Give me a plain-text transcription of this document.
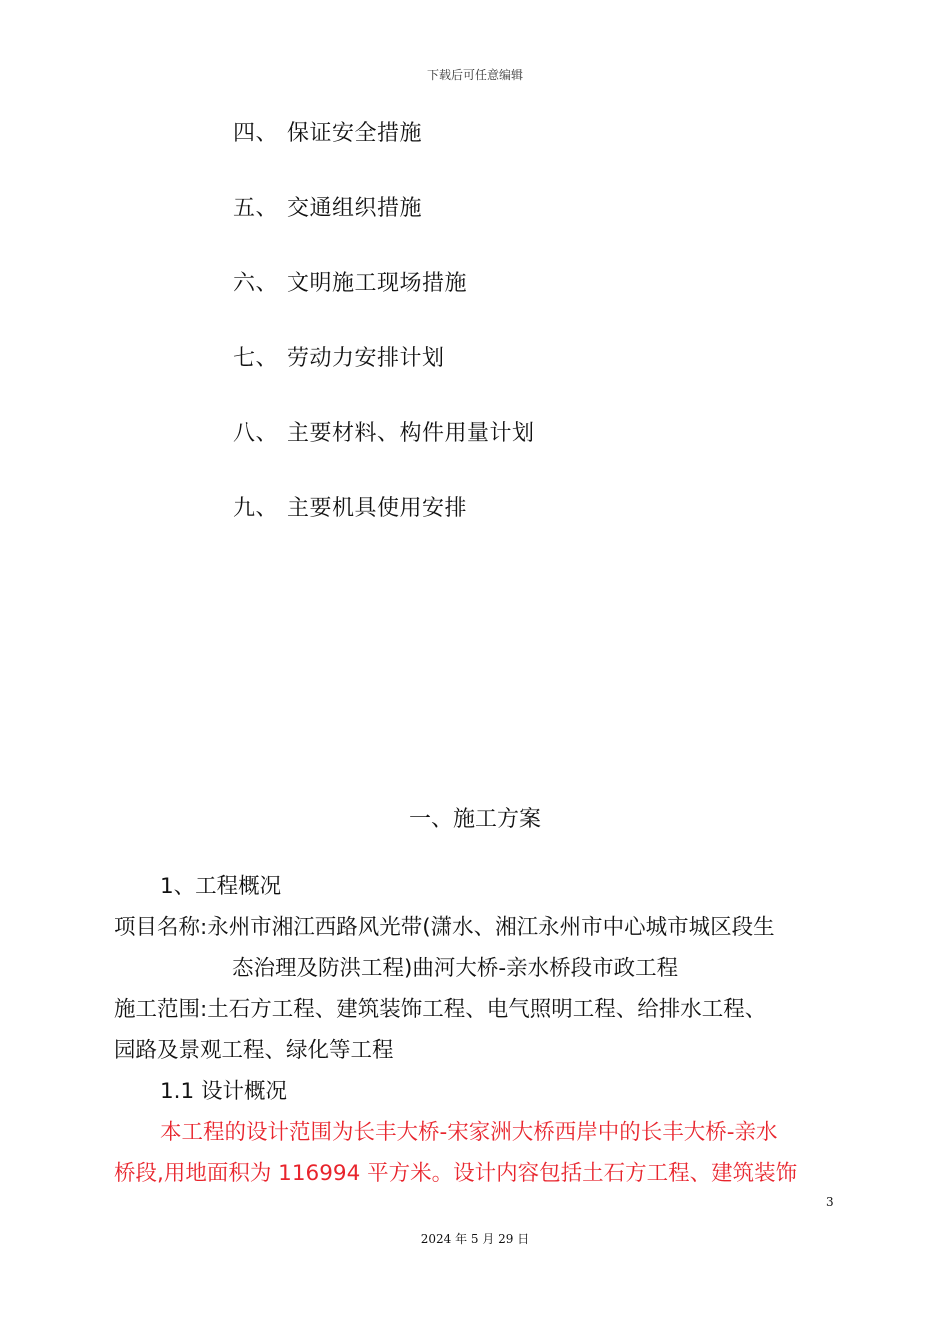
下载后可任意编辑
四、 保证安全措施
五、 交通组织措施
六、 文明施工现场措施
七、 劳动力安排计划
八、 主要材料、构件用量计划
九、 主要机具使用安排
一、施工方案
1、工程概况
项目名称:永州市湘江西路风光带(潇水、湘江永州市中心城市城区段生
态治理及防洪工程)曲河大桥-亲水桥段市政工程
施工范围:土石方工程、建筑装饰工程、电气照明工程、给排水工程、
园路及景观工程、绿化等工程
1.1 设计概况
本工程的设计范围为长丰大桥-宋家洲大桥西岸中的长丰大桥-亲水
桥段,用地面积为 116994 平方米。设计内容包括土石方工程、建筑装饰
3
2024 年 5 月 29 日
